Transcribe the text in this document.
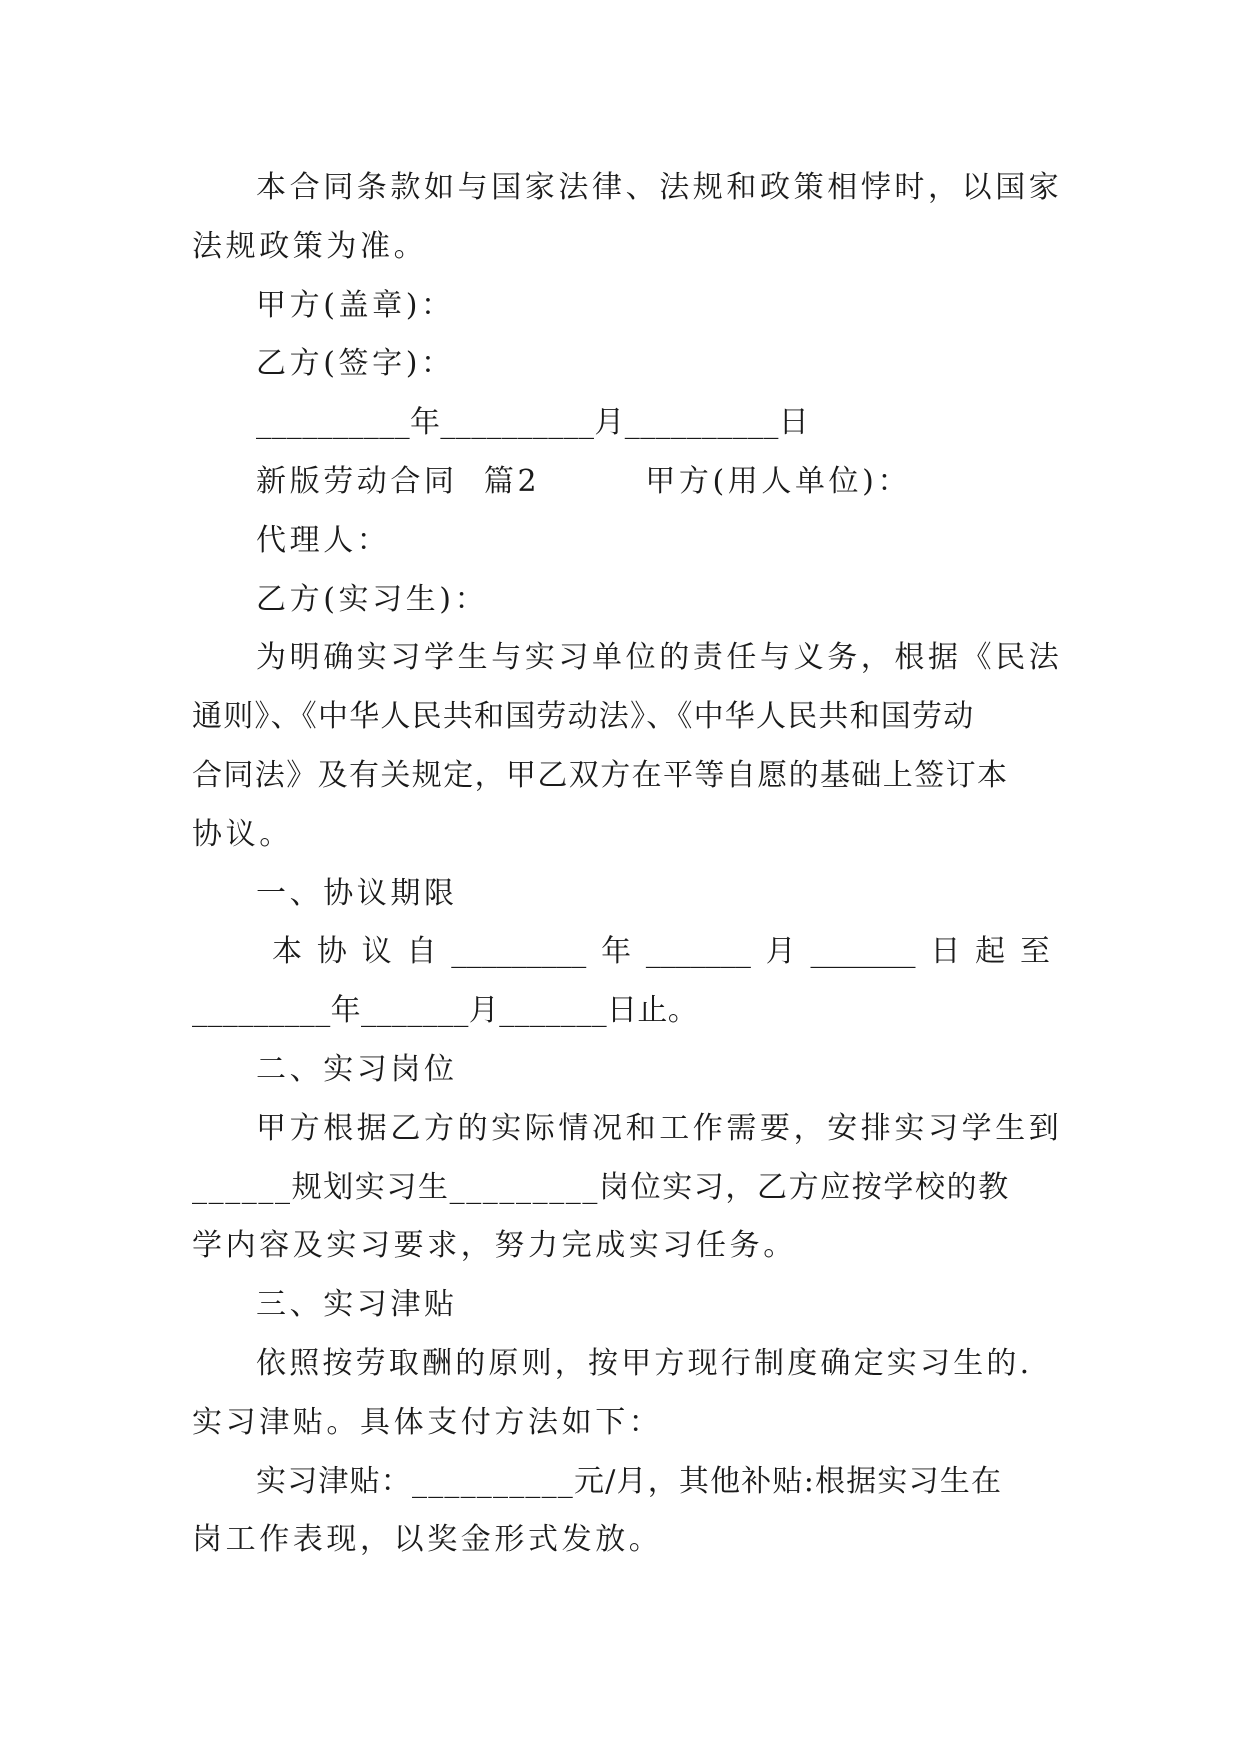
本合同条款如与国家法律、法规和政策相悖时，以国家
法规政策为准。
甲方(盖章)：
乙方(签字)：
__________年__________月__________日
新版劳动合同  篇2        甲方(用人单位)：
代理人：
乙方(实习生)：
为明确实习学生与实习单位的责任与义务，根据《民法
通则》、《中华人民共和国劳动法》、《中华人民共和国劳动
合同法》及有关规定，甲乙双方在平等自愿的基础上签订本
协议。
一、协议期限
本 协 议 自 _________ 年 _______ 月 _______ 日 起 至
_________年_______月_______日止。
二、实习岗位
甲方根据乙方的实际情况和工作需要，安排实习学生到
______规划实习生_________岗位实习，乙方应按学校的教
学内容及实习要求，努力完成实习任务。
三、实习津贴
依照按劳取酬的原则，按甲方现行制度确定实习生的.
实习津贴。具体支付方法如下：
实习津贴：__________元/月，其他补贴:根据实习生在
岗工作表现，以奖金形式发放。
